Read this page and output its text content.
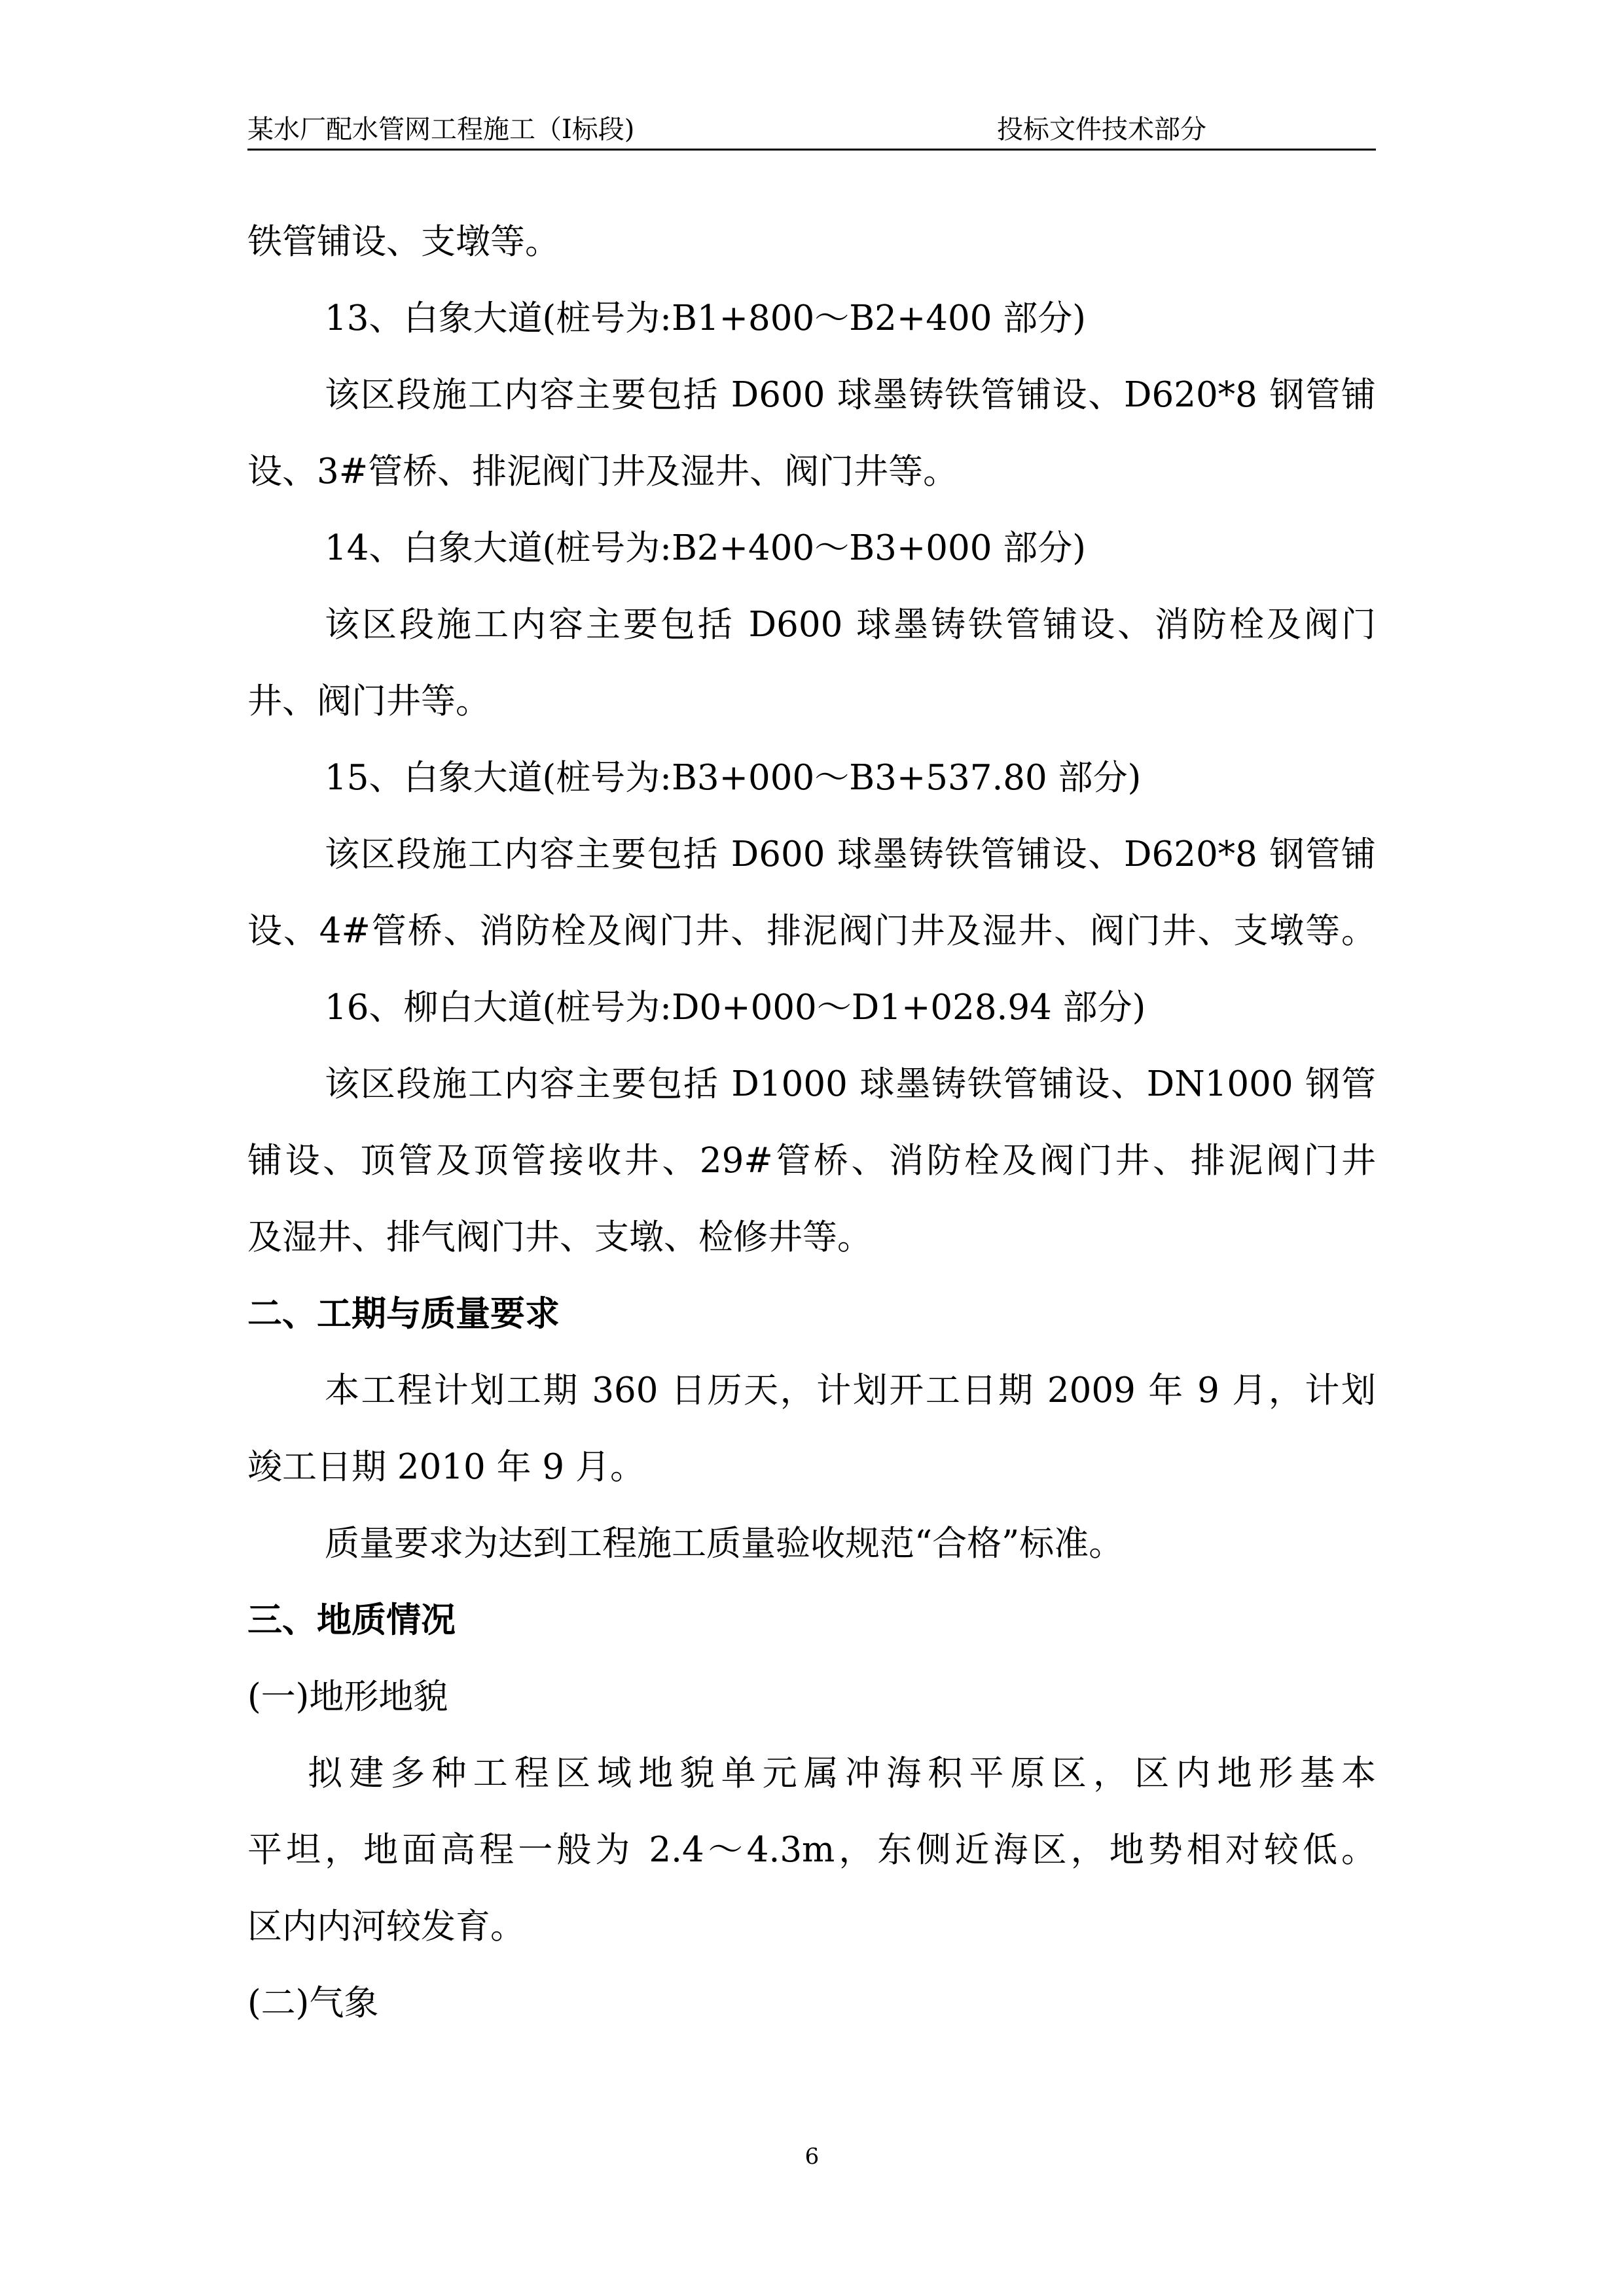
某水厂配水管网工程施工（Ⅰ标段)	投标文件技术部分
铁管铺设、支墩等。
13、白象大道(桩号为:B1+800～B2+400 部分)
该区段施工内容主要包括 D600 球墨铸铁管铺设、D620*8 钢管铺
设、3#管桥、排泥阀门井及湿井、阀门井等。
14、白象大道(桩号为:B2+400～B3+000 部分)
该区段施工内容主要包括 D600 球墨铸铁管铺设、消防栓及阀门
井、阀门井等。
15、白象大道(桩号为:B3+000～B3+537.80 部分)
该区段施工内容主要包括 D600 球墨铸铁管铺设、D620*8 钢管铺
设、4#管桥、消防栓及阀门井、排泥阀门井及湿井、阀门井、支墩等。
16、柳白大道(桩号为:D0+000～D1+028.94 部分)
该区段施工内容主要包括 D1000 球墨铸铁管铺设、DN1000 钢管
铺设、顶管及顶管接收井、29#管桥、消防栓及阀门井、排泥阀门井
及湿井、排气阀门井、支墩、检修井等。
二、工期与质量要求
本工程计划工期 360 日历天，计划开工日期 2009 年 9 月，计划
竣工日期 2010 年 9 月。
质量要求为达到工程施工质量验收规范“合格”标准。
三、地质情况
(一)地形地貌
拟建多种工程区域地貌单元属冲海积平原区，区内地形基本
平坦，地面高程一般为 2.4～4.3m，东侧近海区，地势相对较低。
区内内河较发育。
(二)气象
6
